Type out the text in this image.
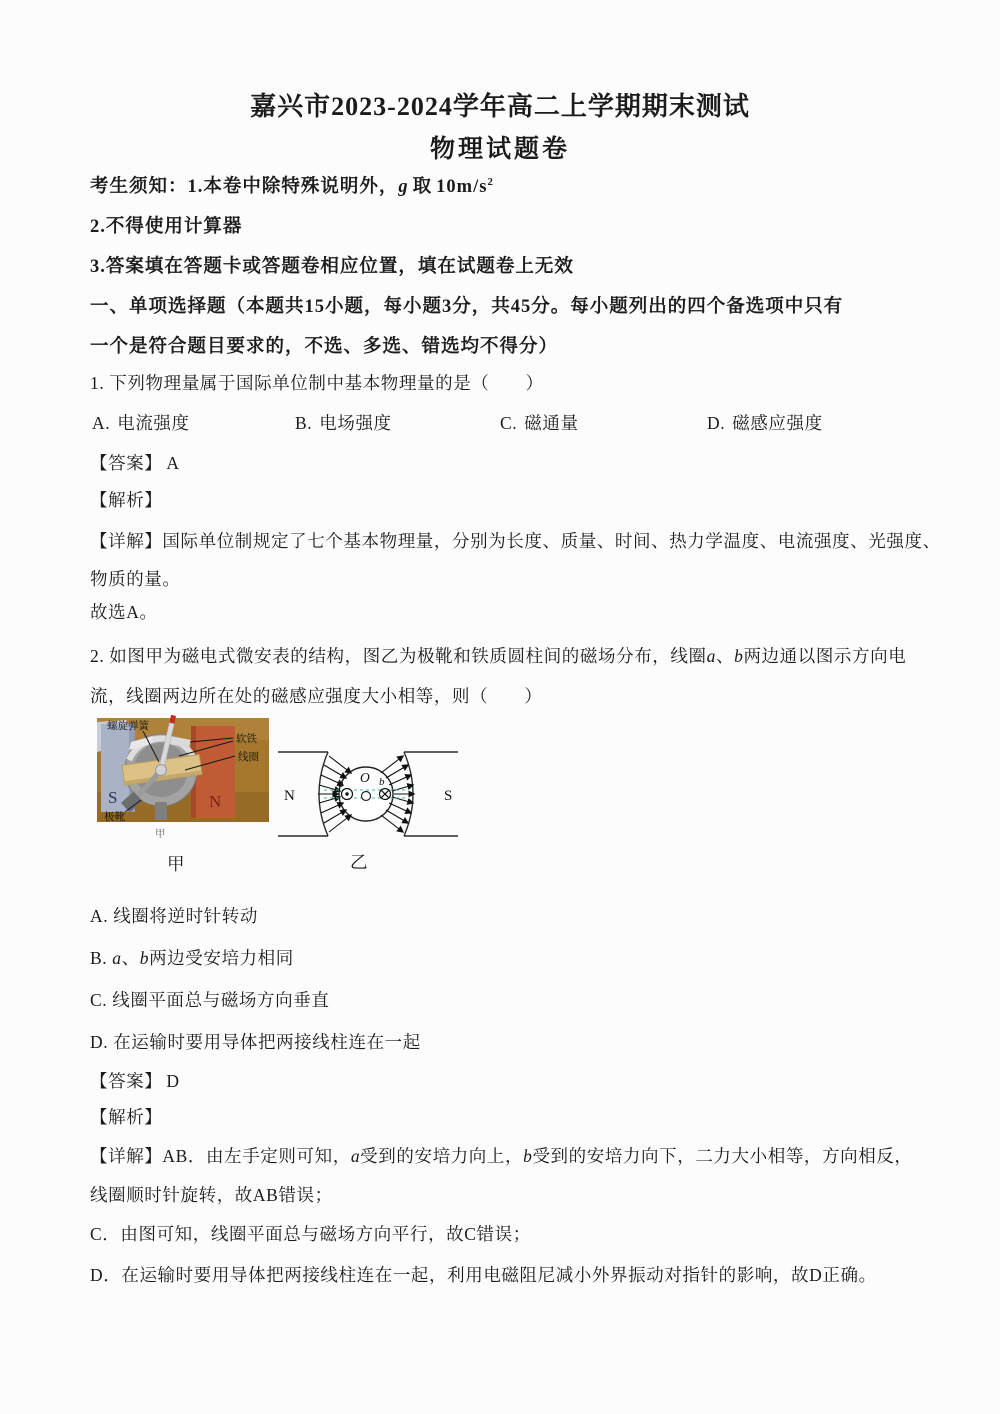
嘉兴市2023-2024学年高二上学期期末测试
物理试题卷
考生须知：1.本卷中除特殊说明外，g 取 $10m/s^2$
2.不得使用计算器
3.答案填在答题卡或答题卷相应位置，填在试题卷上无效
一、单项选择题（本题共15小题，每小题3分，共45分。每小题列出的四个备选项中只有
一个是符合题目要求的，不选、多选、错选均不得分）
1. 下列物理量属于国际单位制中基本物理量的是（　　）
A. 电流强度	B. 电场强度	C. 磁通量	D. 磁感应强度
【答案】 A
【解析】
【详解】国际单位制规定了七个基本物理量，分别为长度、质量、时间、热力学温度、电流强度、光强度、
物质的量。
故选A。
2. 如图甲为磁电式微安表的结构，图乙为极靴和铁质圆柱间的磁场分布，线圈a、b两边通以图示方向电
流，线圈两边所在处的磁感应强度大小相等，则（　　）
螺旋弹簧
软铁
线圈
极靴
S	N
甲
O
a	b
N	S
甲	乙
A. 线圈将逆时针转动
B. a、b两边受安培力相同
C. 线圈平面总与磁场方向垂直
D. 在运输时要用导体把两接线柱连在一起
【答案】 D
【解析】
【详解】AB．由左手定则可知，a受到的安培力向上，b受到的安培力向下，二力大小相等，方向相反，
线圈顺时针旋转，故AB错误；
C．由图可知，线圈平面总与磁场方向平行，故C错误；
D．在运输时要用导体把两接线柱连在一起，利用电磁阻尼减小外界振动对指针的影响，故D正确。
